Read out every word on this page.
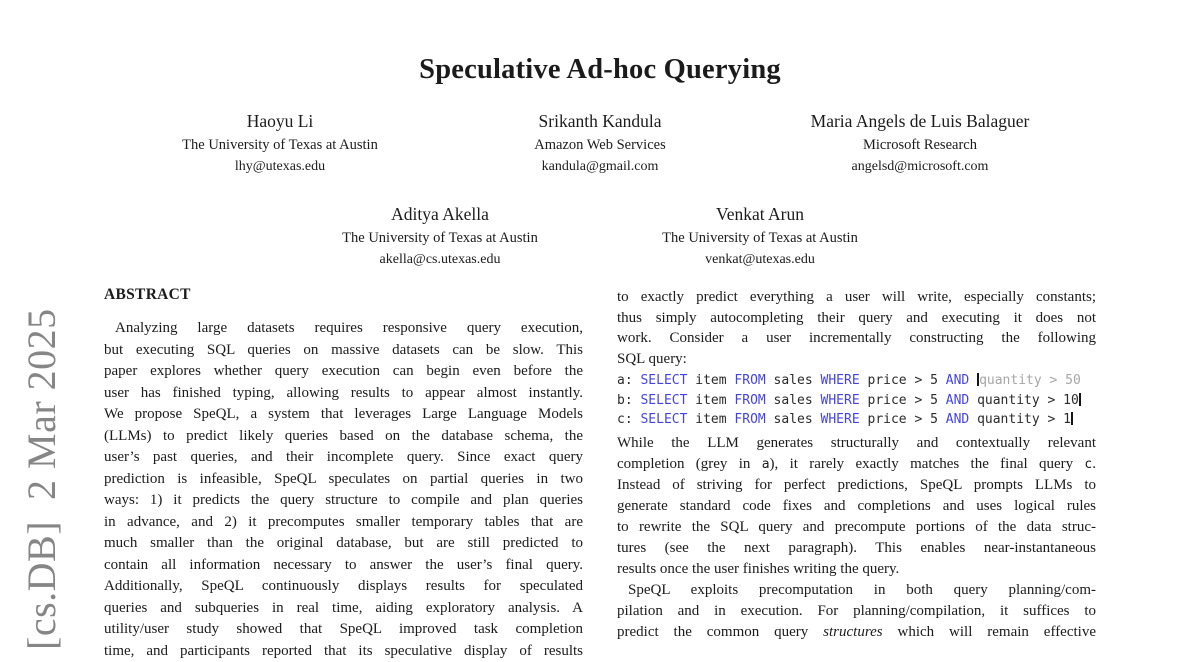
[cs.DB]  2 Mar 2025
Speculative Ad-hoc Querying
Haoyu Li
The University of Texas at Austin
lhy@utexas.edu
Srikanth Kandula
Amazon Web Services
kandula@gmail.com
Maria Angels de Luis Balaguer
Microsoft Research
angelsd@microsoft.com
Aditya Akella
The University of Texas at Austin
akella@cs.utexas.edu
Venkat Arun
The University of Texas at Austin
venkat@utexas.edu
ABSTRACT
Analyzing large datasets requires responsive query execution,
but executing SQL queries on massive datasets can be slow. This
paper explores whether query execution can begin even before the
user has finished typing, allowing results to appear almost instantly.
We propose SpeQL, a system that leverages Large Language Models
(LLMs) to predict likely queries based on the database schema, the
user’s past queries, and their incomplete query. Since exact query
prediction is infeasible, SpeQL speculates on partial queries in two
ways: 1) it predicts the query structure to compile and plan queries
in advance, and 2) it precomputes smaller temporary tables that are
much smaller than the original database, but are still predicted to
contain all information necessary to answer the user’s final query.
Additionally, SpeQL continuously displays results for speculated
queries and subqueries in real time, aiding exploratory analysis. A
utility/user study showed that SpeQL improved task completion
time, and participants reported that its speculative display of results
to exactly predict everything a user will write, especially constants;
thus simply autocompleting their query and executing it does not
work. Consider a user incrementally constructing the following
SQL query:
a: SELECT item FROM sales WHERE price > 5 AND quantity > 50
b: SELECT item FROM sales WHERE price > 5 AND quantity > 10
c: SELECT item FROM sales WHERE price > 5 AND quantity > 1
While the LLM generates structurally and contextually relevant
completion (grey in a), it rarely exactly matches the final query c.
Instead of striving for perfect predictions, SpeQL prompts LLMs to
generate standard code fixes and completions and uses logical rules
to rewrite the SQL query and precompute portions of the data struc-
tures (see the next paragraph). This enables near-instantaneous
results once the user finishes writing the query.
SpeQL exploits precomputation in both query planning/com-
pilation and in execution. For planning/compilation, it suffices to
predict the common query structures which will remain effective
